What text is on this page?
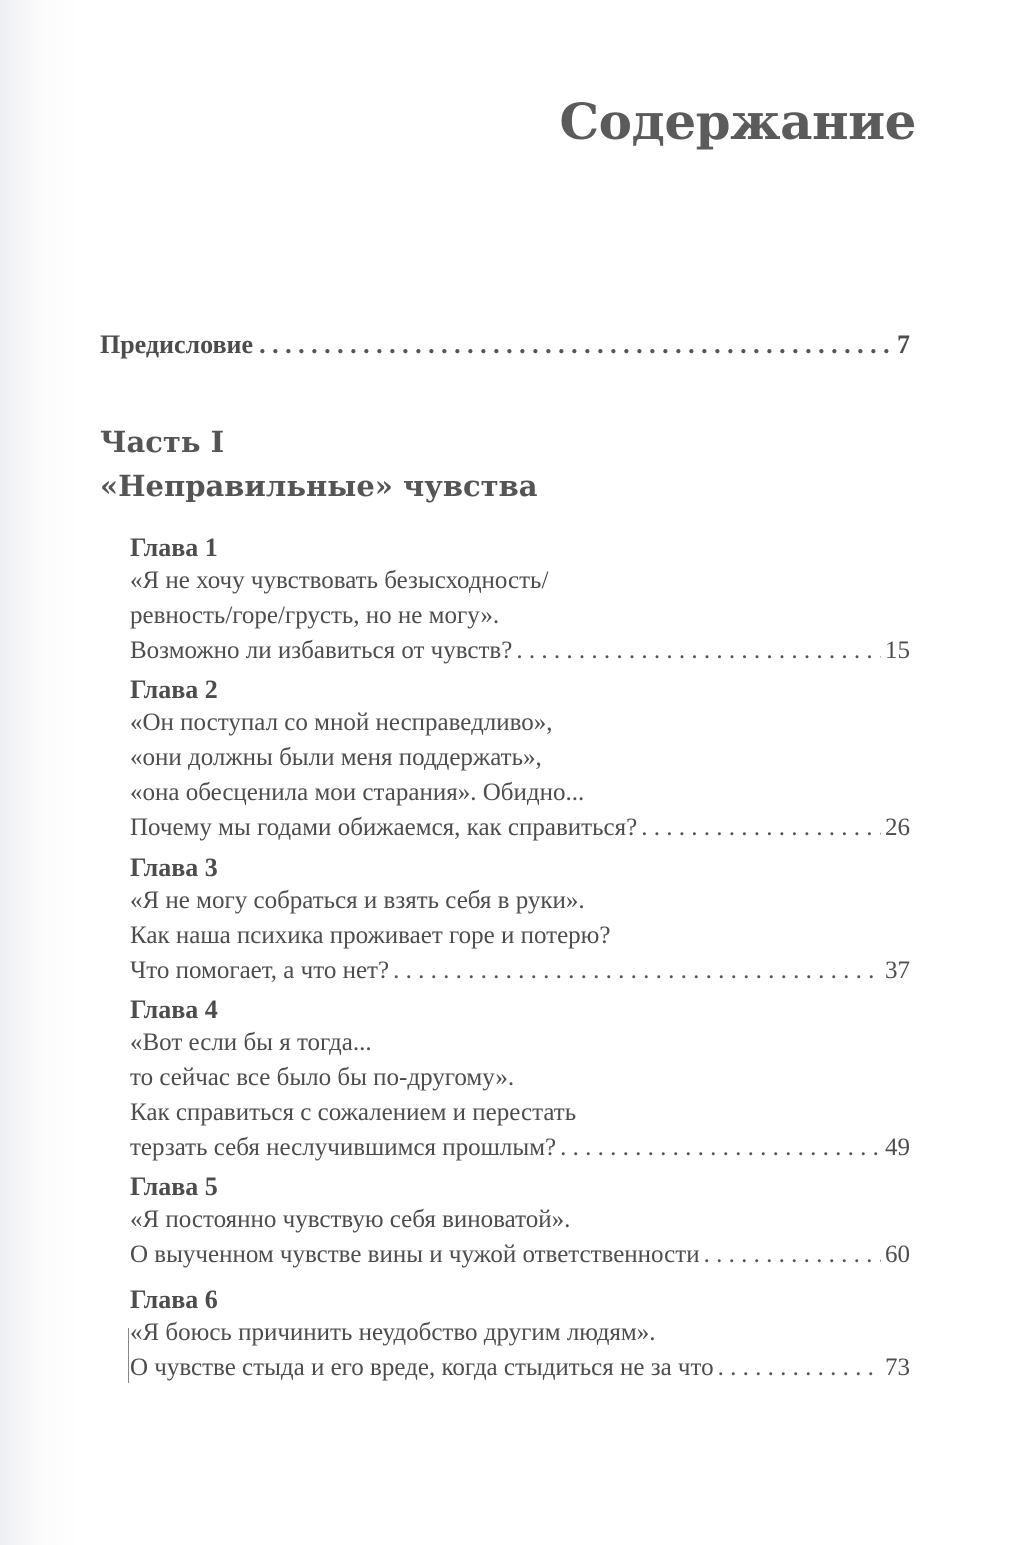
Содержание
Предисловие . . .	7
Часть I
«Неправильные» чувства
Глава 1
«Я не хочу чувствовать безысходность/
ревность/горе/грусть, но не могу».
Возможно ли избавиться от чувств? . . .	15
Глава 2
«Он поступал со мной несправедливо»,
«они должны были меня поддержать»,
«она обесценила мои старания». Обидно...
Почему мы годами обижаемся, как справиться? . . .	26
Глава 3
«Я не могу собраться и взять себя в руки».
Как наша психика проживает горе и потерю?
Что помогает, а что нет? . . .	37
Глава 4
«Вот если бы я тогда...
то сейчас все было бы по-другому».
Как справиться с сожалением и перестать
терзать себя неслучившимся прошлым? . . .	49
Глава 5
«Я постоянно чувствую себя виноватой».
О выученном чувстве вины и чужой ответственности . . .	60
Глава 6
«Я боюсь причинить неудобство другим людям».
О чувстве стыда и его вреде, когда стыдиться не за что . . .	73
